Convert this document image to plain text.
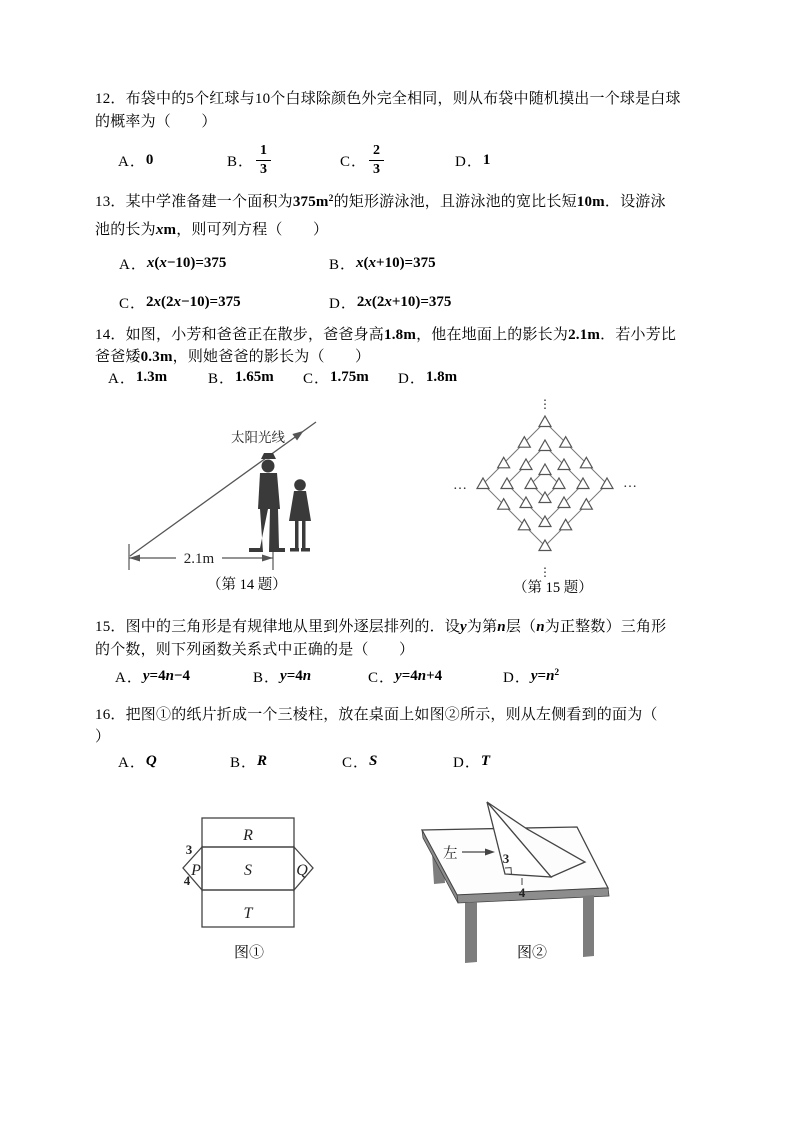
12．布袋中的5个红球与10个白球除颜色外完全相同，则从布袋中随机摸出一个球是白球
的概率为（　　）
A． 0	B． $\frac{1}{3}$	C． $\frac{2}{3}$	D． 1
13．某中学准备建一个面积为$375m^2$的矩形游泳池，且游泳池的宽比长短10m．设游泳
池的长为xm，则可列方程（　　）
A． x(x−10)=375	B． x(x+10)=375
C． 2x(2x−10)=375	D． 2x(2x+10)=375
14．如图，小芳和爸爸正在散步，爸爸身高1.8m，他在地面上的影长为2.1m．若小芳比
爸爸矮0.3m，则她爸爸的影长为（　　）
A． 1.3m	B． 1.65m C． 1.75m D． 1.8m
太阳光线
2.1m
（第 14 题）
⋮
⋮
…	…
（第 15 题）
15．图中的三角形是有规律地从里到外逐层排列的．设y为第n层（n为正整数）三角形
的个数，则下列函数关系式中正确的是（　　）
A． y=4n−4	B． y=4n	C． y=4n+4	D． $y=n^2$
16．把图①的纸片折成一个三棱柱，放在桌面上如图②所示，则从左侧看到的面为（
）
A． Q	B． R	C． S	D． T
R
S
T
P	Q
3
4
图①
3
4
左
图②
